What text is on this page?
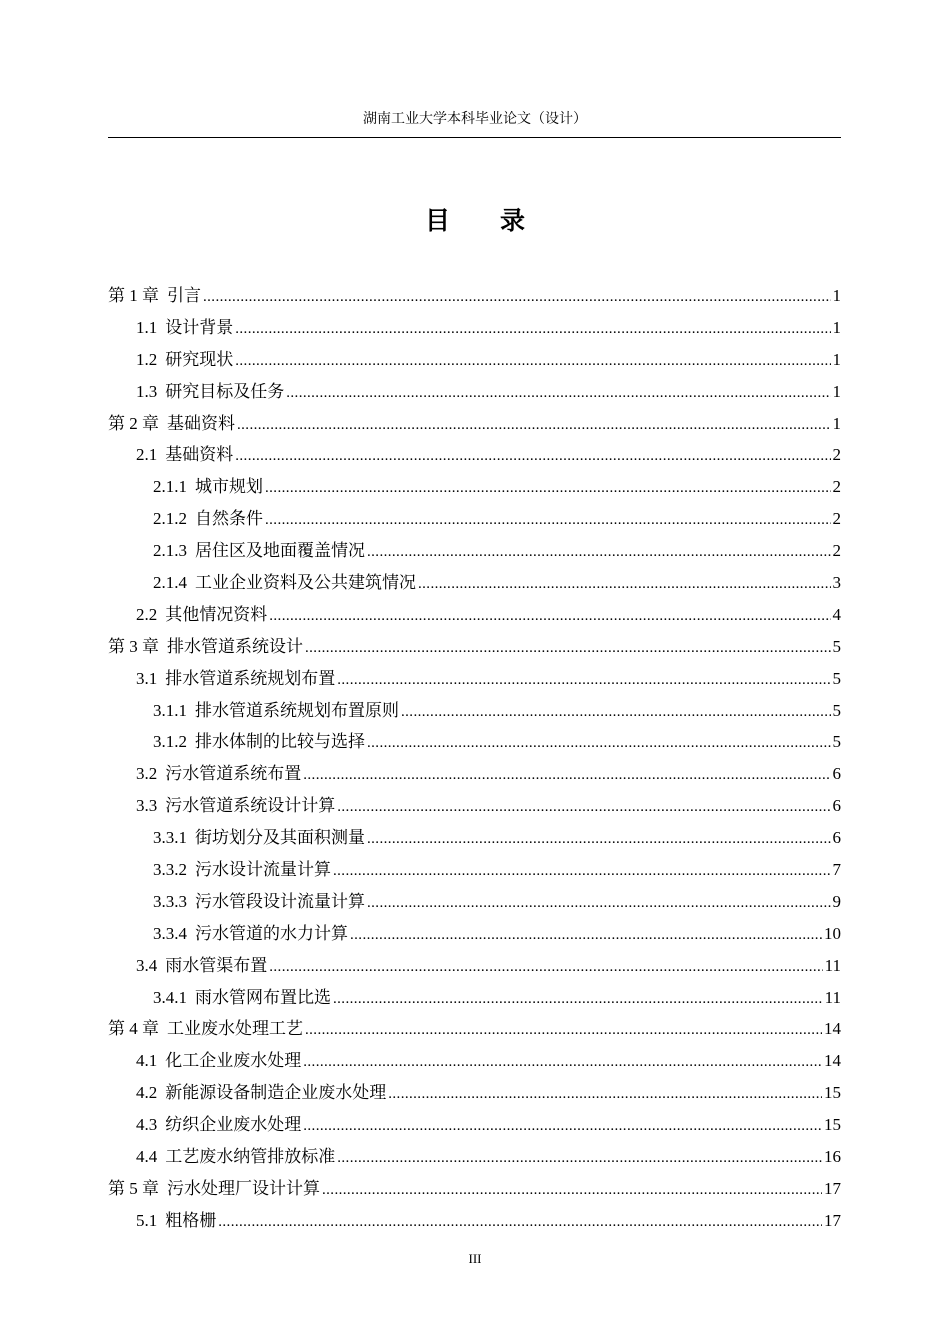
湖南工业大学本科毕业论文（设计）
目 录
第 1 章 引言 .....	1
1.1 设计背景 .....	1
1.2 研究现状 .....	1
1.3 研究目标及任务 .....	1
第 2 章 基础资料 .....	1
2.1 基础资料 .....	2
2.1.1 城市规划 .....	2
2.1.2 自然条件 .....	2
2.1.3 居住区及地面覆盖情况 .....	2
2.1.4 工业企业资料及公共建筑情况 .....	3
2.2 其他情况资料 .....	4
第 3 章 排水管道系统设计 .....	5
3.1 排水管道系统规划布置 .....	5
3.1.1 排水管道系统规划布置原则 .....	5
3.1.2 排水体制的比较与选择 .....	5
3.2 污水管道系统布置 .....	6
3.3 污水管道系统设计计算 .....	6
3.3.1 街坊划分及其面积测量 .....	6
3.3.2 污水设计流量计算 .....	7
3.3.3 污水管段设计流量计算 .....	9
3.3.4 污水管道的水力计算 .....	10
3.4 雨水管渠布置 .....	11
3.4.1 雨水管网布置比选 .....	11
第 4 章 工业废水处理工艺 .....	14
4.1 化工企业废水处理 .....	14
4.2 新能源设备制造企业废水处理 .....	15
4.3 纺织企业废水处理 .....	15
4.4 工艺废水纳管排放标准 .....	16
第 5 章 污水处理厂设计计算 .....	17
5.1 粗格栅 .....	17
III
